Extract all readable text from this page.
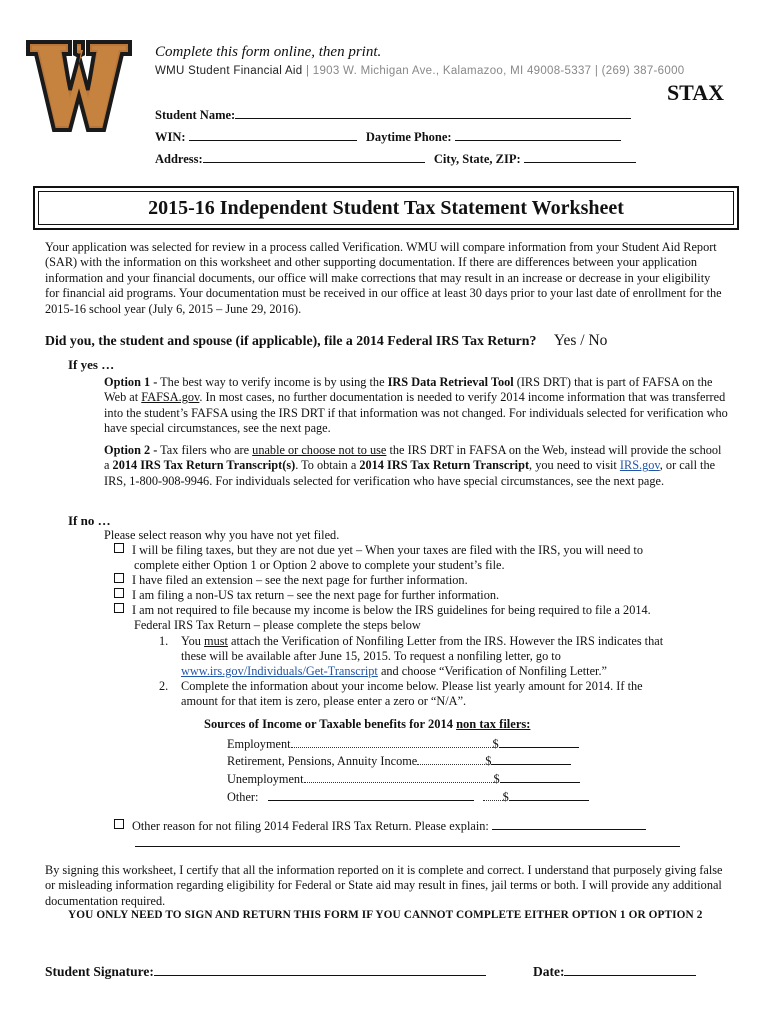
Complete this form online, then print.
WMU Student Financial Aid | 1903 W. Michigan Ave., Kalamazoo, MI 49008-5337 | (269) 387-6000
STAX
Student Name:
WIN:	Daytime Phone:
Address:	City, State, ZIP:
2015-16 Independent Student Tax Statement Worksheet
Your application was selected for review in a process called Verification. WMU will compare information from your Student Aid Report (SAR) with the information on this worksheet and other supporting documentation. If there are differences between your application information and your financial documents, our office will make corrections that may result in an increase or decrease in your eligibility for financial aid programs. Your documentation must be received in our office at least 30 days prior to your last date of enrollment for the 2015-16 school year (July 6, 2015 – June 29, 2016).
Did you, the student and spouse (if applicable), file a 2014 Federal IRS Tax Return? Yes / No
If yes …
Option 1 - The best way to verify income is by using the IRS Data Retrieval Tool (IRS DRT) that is part of FAFSA on the Web at FAFSA.gov. In most cases, no further documentation is needed to verify 2014 income information that was transferred into the student’s FAFSA using the IRS DRT if that information was not changed. For individuals selected for verification who have special circumstances, see the next page.
Option 2 - Tax filers who are unable or choose not to use the IRS DRT in FAFSA on the Web, instead will provide the school a 2014 IRS Tax Return Transcript(s). To obtain a 2014 IRS Tax Return Transcript, you need to visit IRS.gov, or call the IRS, 1-800-908-9946. For individuals selected for verification who have special circumstances, see the next page.
If no …
Please select reason why you have not yet filed.
I will be filing taxes, but they are not due yet – When your taxes are filed with the IRS, you will need to
complete either Option 1 or Option 2 above to complete your student’s file.
I have filed an extension – see the next page for further information.
I am filing a non-US tax return – see the next page for further information.
I am not required to file because my income is below the IRS guidelines for being required to file a 2014.
Federal IRS Tax Return – please complete the steps below
1. You must attach the Verification of Nonfiling Letter from the IRS. However the IRS indicates that
these will be available after June 15, 2015. To request a nonfiling letter, go to
www.irs.gov/Individuals/Get-Transcript and choose “Verification of Nonfiling Letter.”
2. Complete the information about your income below. Please list yearly amount for 2014. If the
amount for that item is zero, please enter a zero or “N/A”.
Sources of Income or Taxable benefits for 2014 non tax filers:
Employment	$
Retirement, Pensions, Annuity Income	$
Unemployment	$
Other:	$
Other reason for not filing 2014 Federal IRS Tax Return. Please explain:
By signing this worksheet, I certify that all the information reported on it is complete and correct. I understand that purposely giving false or misleading information regarding eligibility for Federal or State aid may result in fines, jail terms or both. I will provide any additional documentation required.
YOU ONLY NEED TO SIGN AND RETURN THIS FORM IF YOU CANNOT COMPLETE EITHER OPTION 1 OR OPTION 2
Student Signature:	Date:
